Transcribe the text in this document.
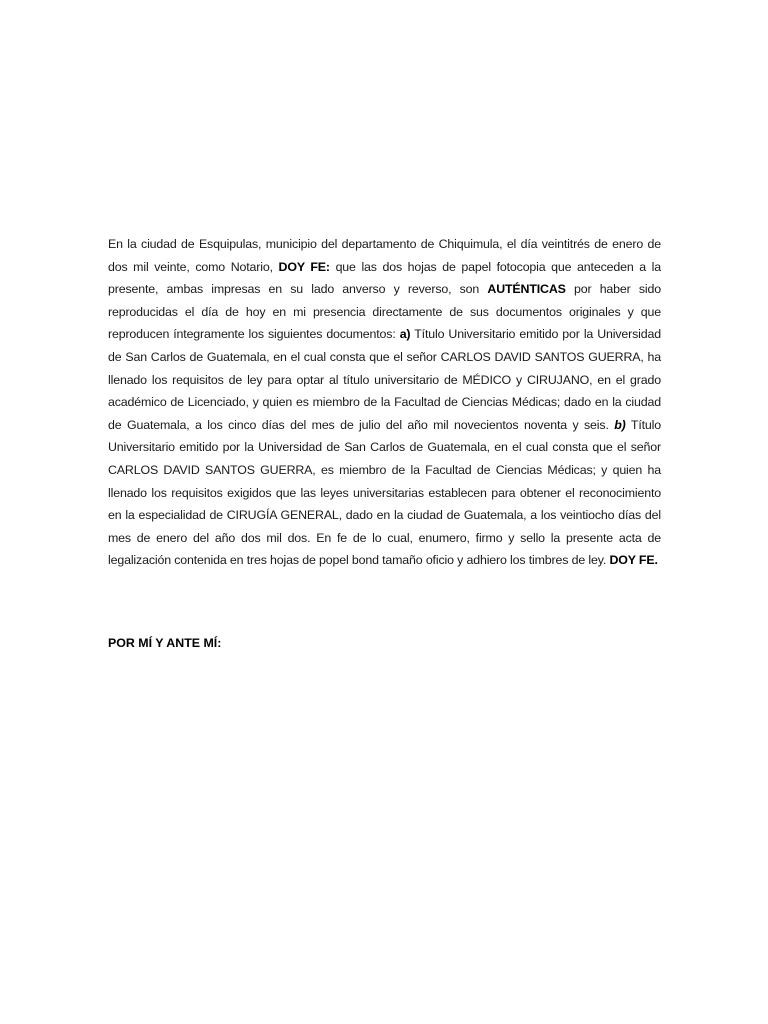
En la ciudad de Esquipulas, municipio del departamento de Chiquimula, el día veintitrés de enero de dos mil veinte, como Notario, DOY FE: que las dos hojas de papel fotocopia que anteceden a la presente, ambas impresas en su lado anverso y reverso, son AUTÉNTICAS por haber sido reproducidas el día de hoy en mi presencia directamente de sus documentos originales y que reproducen íntegramente los siguientes documentos: a) Título Universitario emitido por la Universidad de San Carlos de Guatemala, en el cual consta que el señor CARLOS DAVID SANTOS GUERRA, ha llenado los requisitos de ley para optar al título universitario de MÉDICO y CIRUJANO, en el grado académico de Licenciado, y quien es miembro de la Facultad de Ciencias Médicas; dado en la ciudad de Guatemala, a los cinco días del mes de julio del año mil novecientos noventa y seis. b) Título Universitario emitido por la Universidad de San Carlos de Guatemala, en el cual consta que el señor CARLOS DAVID SANTOS GUERRA, es miembro de la Facultad de Ciencias Médicas; y quien ha llenado los requisitos exigidos que las leyes universitarias establecen para obtener el reconocimiento en la especialidad de CIRUGÍA GENERAL, dado en la ciudad de Guatemala, a los veintiocho días del mes de enero del año dos mil dos. En fe de lo cual, enumero, firmo y sello la presente acta de legalización contenida en tres hojas de popel bond tamaño oficio y adhiero los timbres de ley. DOY FE.

POR MÍ Y ANTE MÍ:
